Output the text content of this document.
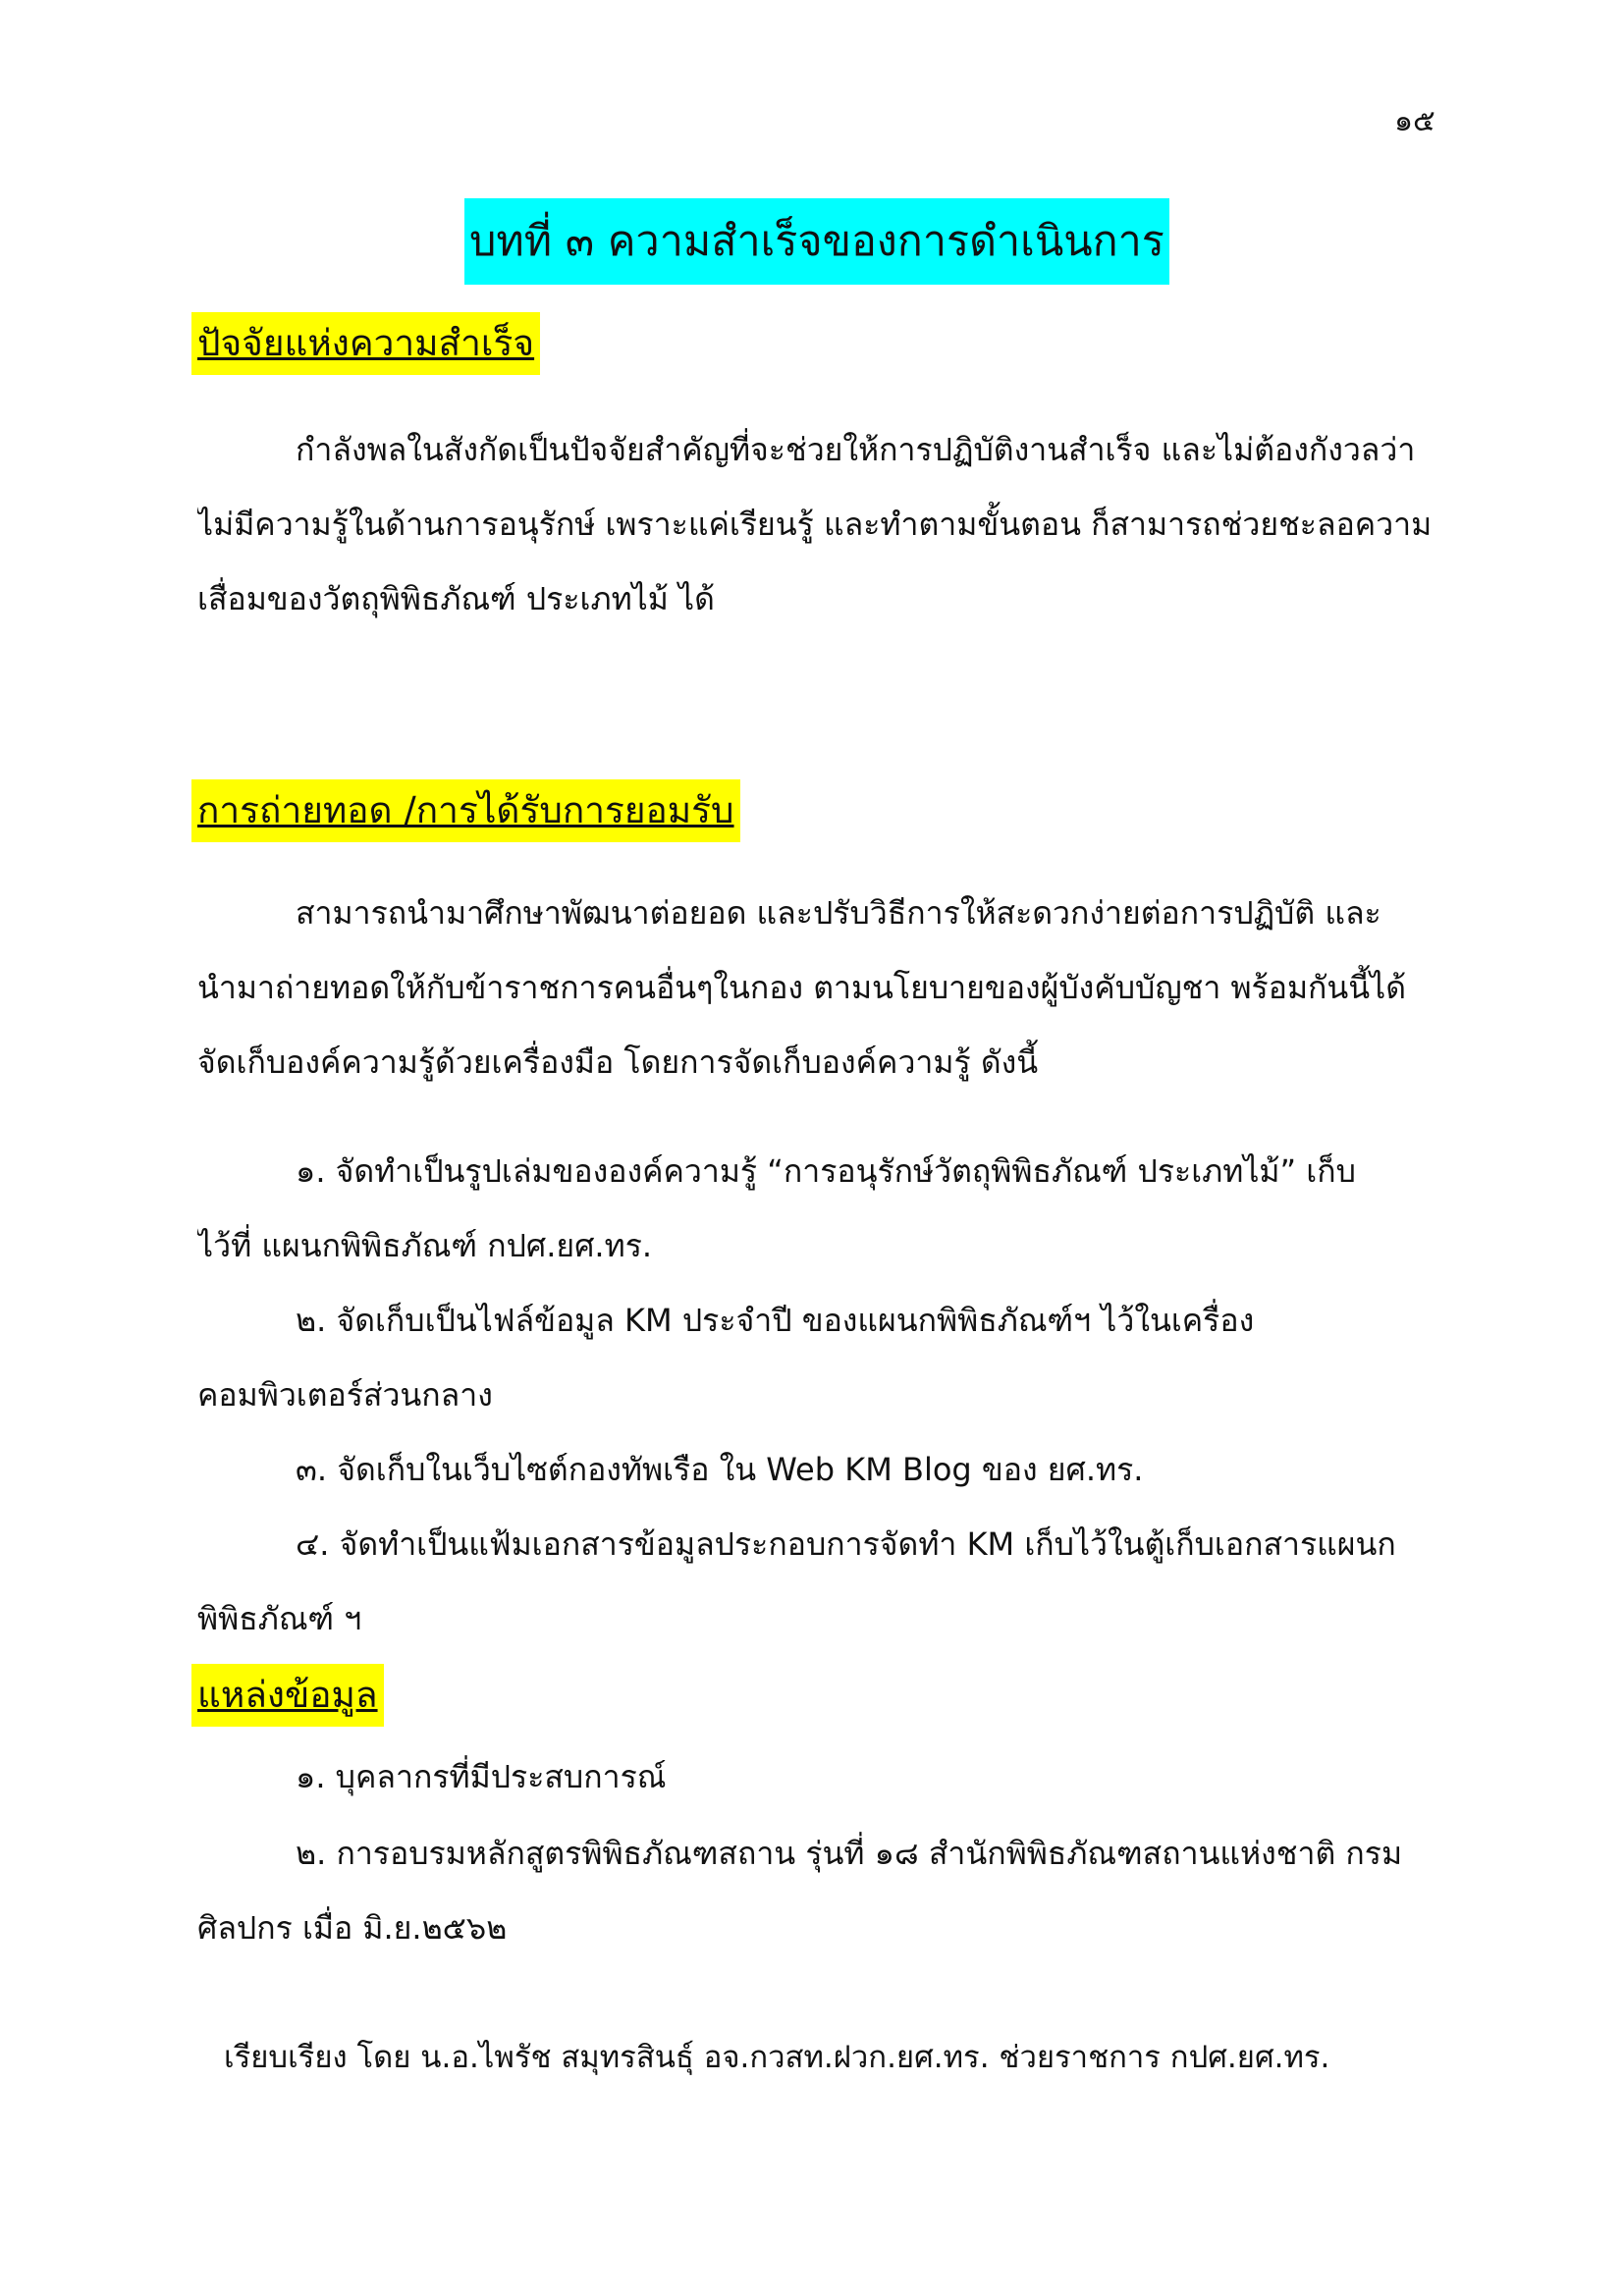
๑๕
บทที่ ๓ ความสำเร็จของการดำเนินการ
ปัจจัยแห่งความสำเร็จ
กำลังพลในสังกัดเป็นปัจจัยสำคัญที่จะช่วยให้การปฏิบัติงานสำเร็จ และไม่ต้องกังวลว่า
ไม่มีความรู้ในด้านการอนุรักษ์ เพราะแค่เรียนรู้ และทำตามขั้นตอน ก็สามารถช่วยชะลอความ
เสื่อมของวัตถุพิพิธภัณฑ์ ประเภทไม้ ได้
การถ่ายทอด /การได้รับการยอมรับ
สามารถนำมาศึกษาพัฒนาต่อยอด และปรับวิธีการให้สะดวกง่ายต่อการปฏิบัติ และ
นำมาถ่ายทอดให้กับข้าราชการคนอื่นๆในกอง ตามนโยบายของผู้บังคับบัญชา พร้อมกันนี้ได้
จัดเก็บองค์ความรู้ด้วยเครื่องมือ โดยการจัดเก็บองค์ความรู้ ดังนี้
๑. จัดทำเป็นรูปเล่มขององค์ความรู้ “การอนุรักษ์วัตถุพิพิธภัณฑ์ ประเภทไม้” เก็บ
ไว้ที่ แผนกพิพิธภัณฑ์ กปศ.ยศ.ทร.
๒. จัดเก็บเป็นไฟล์ข้อมูล KM ประจำปี ของแผนกพิพิธภัณฑ์ฯ ไว้ในเครื่อง
คอมพิวเตอร์ส่วนกลาง
๓. จัดเก็บในเว็บไซต์กองทัพเรือ ใน Web KM Blog ของ ยศ.ทร.
๔. จัดทำเป็นแฟ้มเอกสารข้อมูลประกอบการจัดทำ KM เก็บไว้ในตู้เก็บเอกสารแผนก
พิพิธภัณฑ์ ฯ
แหล่งข้อมูล
๑. บุคลากรที่มีประสบการณ์
๒. การอบรมหลักสูตรพิพิธภัณฑสถาน รุ่นที่ ๑๘ สำนักพิพิธภัณฑสถานแห่งชาติ กรม
ศิลปกร เมื่อ มิ.ย.๒๕๖๒
เรียบเรียง โดย น.อ.ไพรัช สมุทรสินธุ์ อจ.กวสท.ฝวก.ยศ.ทร. ช่วยราชการ กปศ.ยศ.ทร.
